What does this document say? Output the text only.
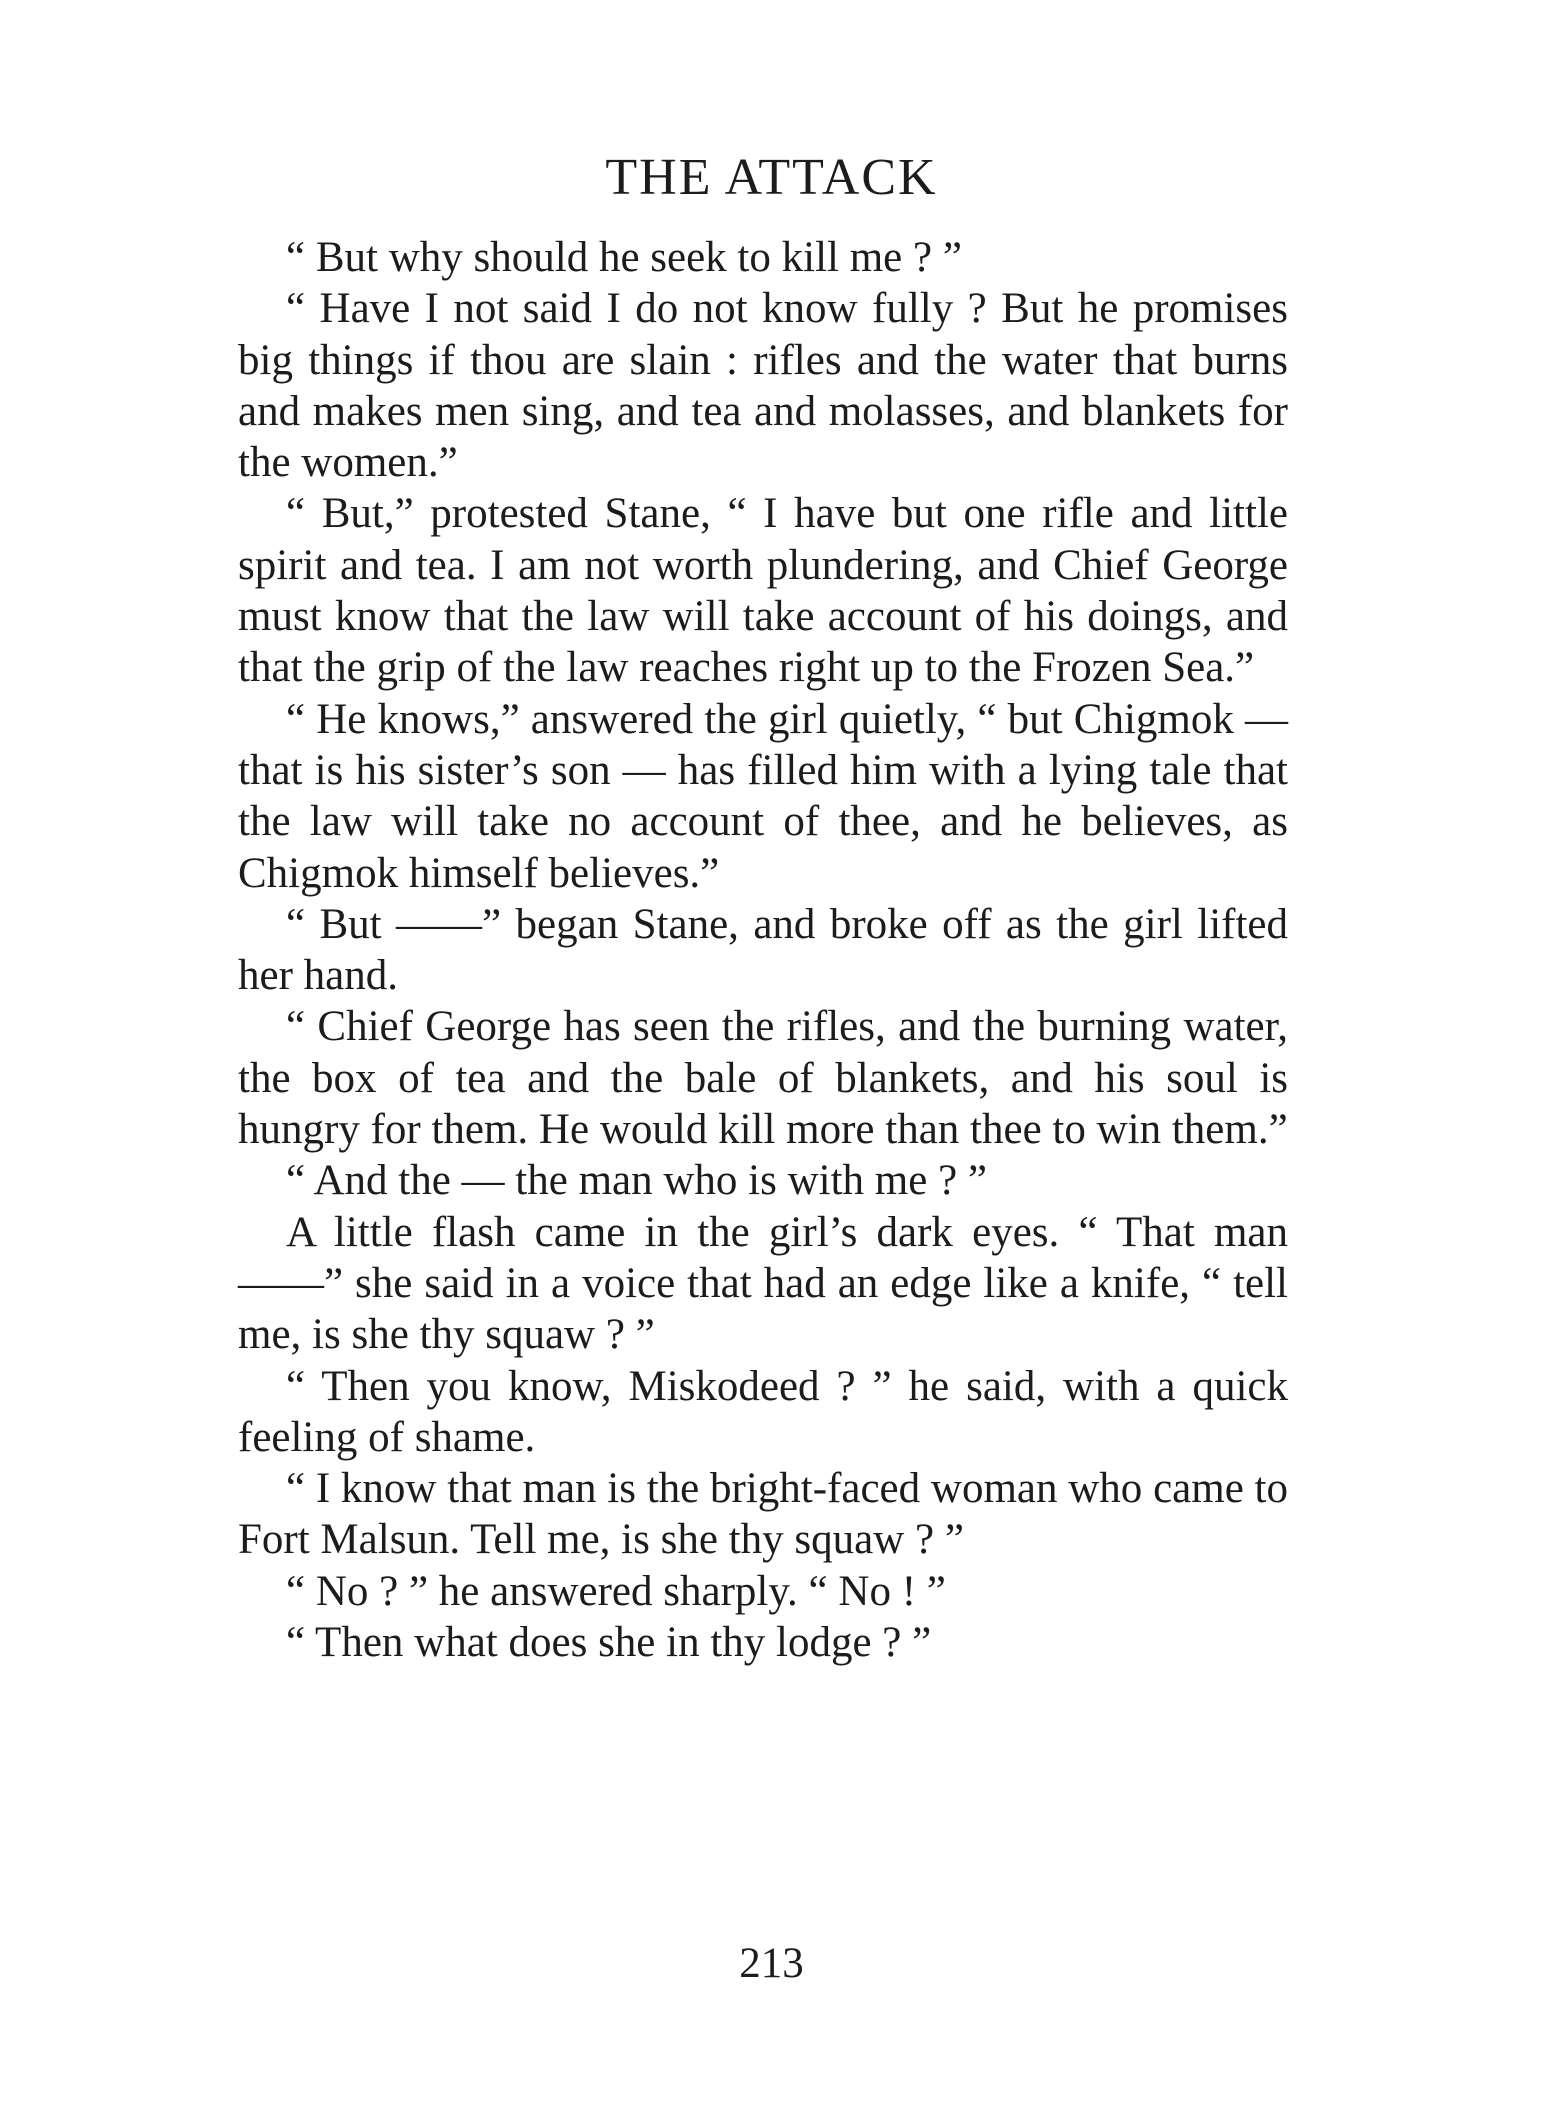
THE ATTACK

“ But why should he seek to kill me ? ”

“ Have I not said I do not know fully ? But he promises big things if thou are slain : rifles and the water that burns and makes men sing, and tea and molasses, and blankets for the women.”

“ But,” protested Stane, “ I have but one rifle and little spirit and tea. I am not worth plundering, and Chief George must know that the law will take account of his doings, and that the grip of the law reaches right up to the Frozen Sea.”

“ He knows,” answered the girl quietly, “ but Chigmok — that is his sister’s son — has filled him with a lying tale that the law will take no account of thee, and he believes, as Chigmok himself believes.”

“ But ——” began Stane, and broke off as the girl lifted her hand.

“ Chief George has seen the rifles, and the burning water, the box of tea and the bale of blankets, and his soul is hungry for them. He would kill more than thee to win them.”

“ And the — the man who is with me ? ”

A little flash came in the girl’s dark eyes. “ That man ——” she said in a voice that had an edge like a knife, “ tell me, is she thy squaw ? ”

“ Then you know, Miskodeed ? ” he said, with a quick feeling of shame.

“ I know that man is the bright-faced woman who came to Fort Malsun. Tell me, is she thy squaw ? ”

“ No ? ” he answered sharply. “ No ! ”

“ Then what does she in thy lodge ? ”

213
